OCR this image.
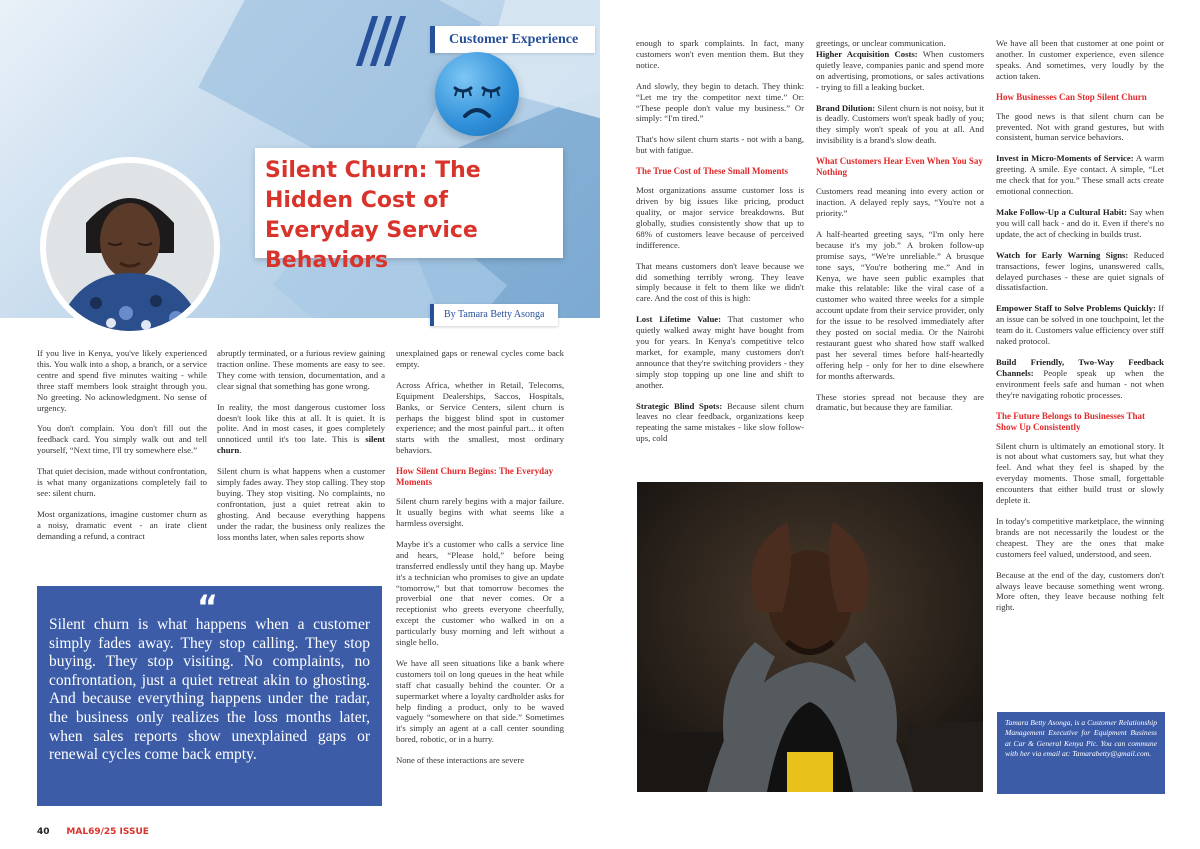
Customer Experience
Silent Churn: The Hidden Cost of Everyday Service Behaviors
By Tamara Betty Asonga

If you live in Kenya, you've likely experienced this. You walk into a shop, a branch, or a service centre and spend five minutes waiting - while three staff members look straight through you. No greeting. No acknowledgment. No sense of urgency.

You don't complain. You don't fill out the feedback card. You simply walk out and tell yourself, “Next time, I'll try somewhere else.”

That quiet decision, made without confrontation, is what many organizations completely fail to see: silent churn.

Most organizations, imagine customer churn as a noisy, dramatic event - an irate client demanding a refund, a contract

abruptly terminated, or a furious review gaining traction online. These moments are easy to see. They come with tension, documentation, and a clear signal that something has gone wrong.

In reality, the most dangerous customer loss doesn't look like this at all. It is quiet. It is polite. And in most cases, it goes completely unnoticed until it's too late. This is silent churn.

Silent churn is what happens when a customer simply fades away. They stop calling. They stop buying. They stop visiting. No complaints, no confrontation, just a quiet retreat akin to ghosting. And because everything happens under the radar, the business only realizes the loss months later, when sales reports show

unexplained gaps or renewal cycles come back empty.

Across Africa, whether in Retail, Telecoms, Equipment Dealerships, Saccos, Hospitals, Banks, or Service Centers, silent churn is perhaps the biggest blind spot in customer experience; and the most painful part... it often starts with the smallest, most ordinary behaviors.

How Silent Churn Begins: The Everyday Moments

Silent churn rarely begins with a major failure. It usually begins with what seems like a harmless oversight.

Maybe it's a customer who calls a service line and hears, “Please hold,” before being transferred endlessly until they hang up. Maybe it's a technician who promises to give an update “tomorrow,” but that tomorrow becomes the proverbial one that never comes. Or a receptionist who greets everyone cheerfully, except the customer who walked in on a particularly busy morning and left without a single hello.

We have all seen situations like a bank where customers toil on long queues in the heat while staff chat casually behind the counter. Or a supermarket where a loyalty cardholder asks for help finding a product, only to be waved vaguely “somewhere on that side.” Sometimes it's simply an agent at a call center sounding bored, robotic, or in a hurry.

None of these interactions are severe

“

Silent churn is what happens when a customer simply fades away. They stop calling. They stop buying. They stop visiting. No complaints, no confrontation, just a quiet retreat akin to ghosting. And because everything happens under the radar, the business only realizes the loss months later, when sales reports show unexplained gaps or renewal cycles come back empty.

40 MAL69/25 ISSUE

enough to spark complaints. In fact, many customers won't even mention them. But they notice.

And slowly, they begin to detach. They think: “Let me try the competitor next time.” Or: “These people don't value my business.” Or simply: “I'm tired.”

That's how silent churn starts - not with a bang, but with fatigue.

The True Cost of These Small Moments

Most organizations assume customer loss is driven by big issues like pricing, product quality, or major service breakdowns. But globally, studies consistently show that up to 68% of customers leave because of perceived indifference.

That means customers don't leave because we did something terribly wrong. They leave simply because it felt to them like we didn't care. And the cost of this is high:

Lost Lifetime Value: That customer who quietly walked away might have bought from you for years. In Kenya's competitive telco market, for example, many customers don't announce that they're switching providers - they simply stop topping up one line and shift to another.

Strategic Blind Spots: Because silent churn leaves no clear feedback, organizations keep repeating the same mistakes - like slow follow-ups, cold

greetings, or unclear communication.

Higher Acquisition Costs: When customers quietly leave, companies panic and spend more on advertising, promotions, or sales activations - trying to fill a leaking bucket.

Brand Dilution: Silent churn is not noisy, but it is deadly. Customers won't speak badly of you; they simply won't speak of you at all. And invisibility is a brand's slow death.

What Customers Hear Even When You Say Nothing

Customers read meaning into every action or inaction. A delayed reply says, “You're not a priority.”

A half-hearted greeting says, “I'm only here because it's my job.” A broken follow-up promise says, “We're unreliable.” A brusque tone says, “You're bothering me.” And in Kenya, we have seen public examples that make this relatable: like the viral case of a customer who waited three weeks for a simple account update from their service provider, only for the issue to be resolved immediately after they posted on social media. Or the Nairobi restaurant guest who shared how staff walked past her several times before half-heartedly offering help - only for her to dine elsewhere for months afterwards.

These stories spread not because they are dramatic, but because they are familiar.

We have all been that customer at one point or another. In customer experience, even silence speaks. And sometimes, very loudly by the action taken.

How Businesses Can Stop Silent Churn

The good news is that silent churn can be prevented. Not with grand gestures, but with consistent, human service behaviors.

Invest in Micro-Moments of Service: A warm greeting. A smile. Eye contact. A simple, “Let me check that for you.” These small acts create emotional connection.

Make Follow-Up a Cultural Habit: Say when you will call back - and do it. Even if there's no update, the act of checking in builds trust.

Watch for Early Warning Signs: Reduced transactions, fewer logins, unanswered calls, delayed purchases - these are quiet signals of dissatisfaction.

Empower Staff to Solve Problems Quickly: If an issue can be solved in one touchpoint, let the team do it. Customers value efficiency over stiff naked protocol.

Build Friendly, Two-Way Feedback Channels: People speak up when the environment feels safe and human - not when they're navigating robotic processes.

The Future Belongs to Businesses That Show Up Consistently

Silent churn is ultimately an emotional story. It is not about what customers say, but what they feel. And what they feel is shaped by the everyday moments. Those small, forgettable encounters that either build trust or slowly deplete it.

In today's competitive marketplace, the winning brands are not necessarily the loudest or the cheapest. They are the ones that make customers feel valued, understood, and seen.

Because at the end of the day, customers don't always leave because something went wrong. More often, they leave because nothing felt right.

Tamara Betty Asonga, is a Customer Relationship Management Executive for Equipment Business at Car & General Kenya Plc. You can commune with her via email at: Tamarabetty@gmail.com.
